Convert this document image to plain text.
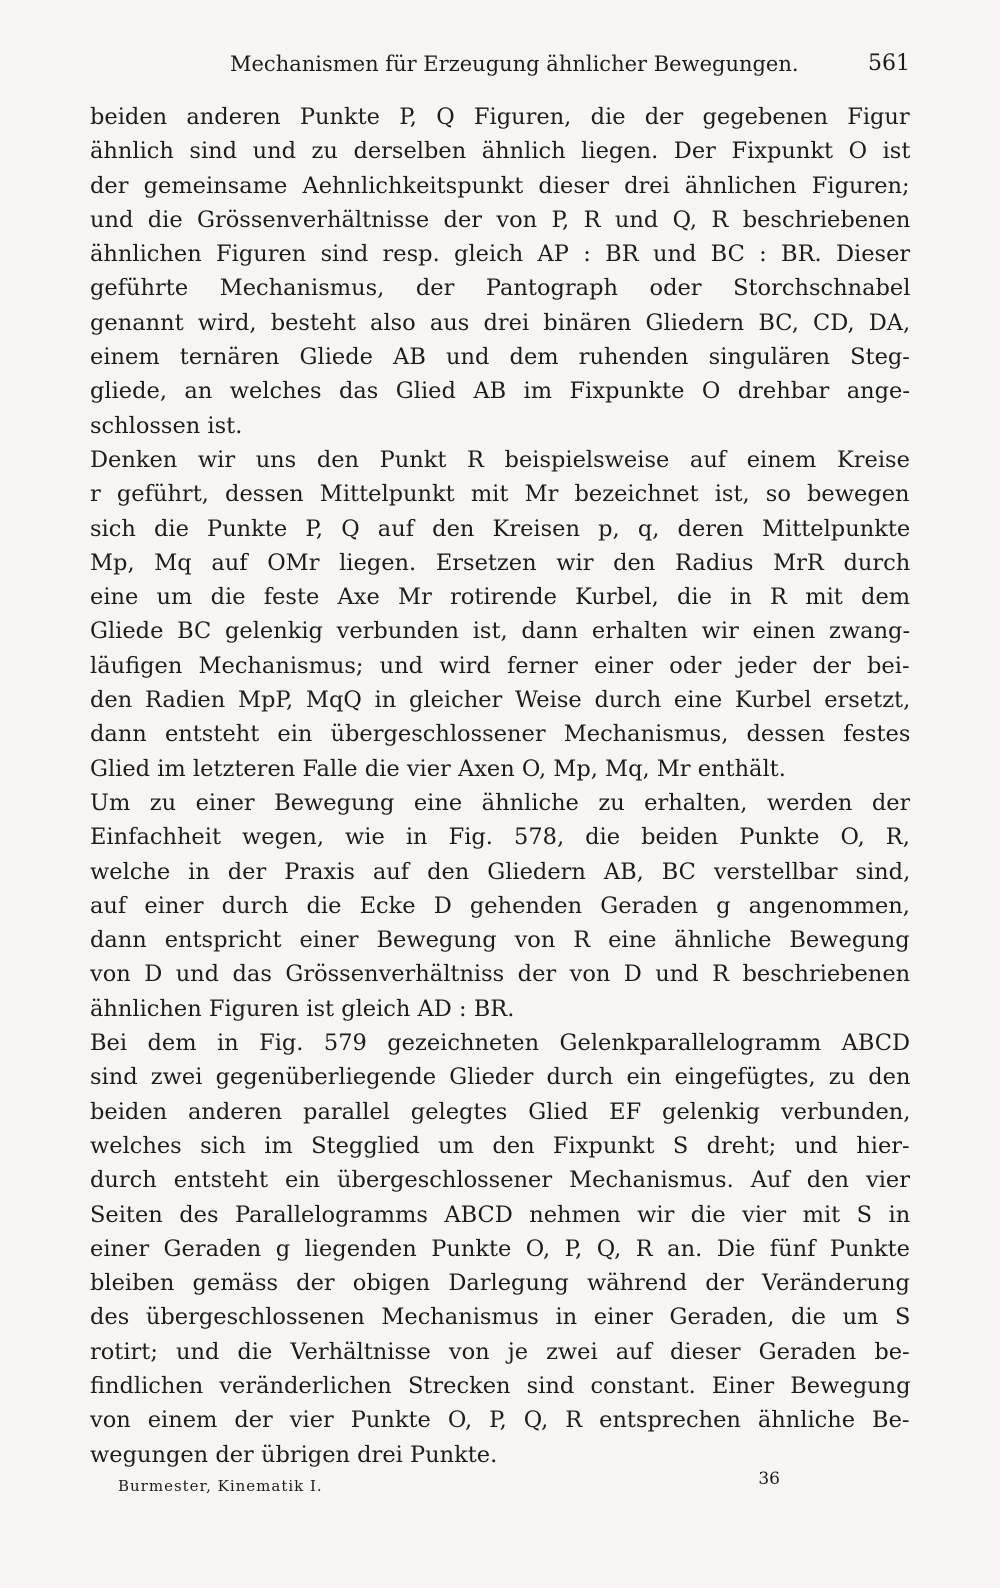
Mechanismen für Erzeugung ähnlicher Bewegungen.	561
beiden anderen Punkte P, Q Figuren, die der gegebenen Figur
ähnlich sind und zu derselben ähnlich liegen. Der Fixpunkt O ist
der gemeinsame Aehnlichkeitspunkt dieser drei ähnlichen Figuren;
und die Grössenverhältnisse der von P, R und Q, R beschriebenen
ähnlichen Figuren sind resp. gleich AP : BR und BC : BR. Dieser
geführte Mechanismus, der Pantograph oder Storchschnabel
genannt wird, besteht also aus drei binären Gliedern BC, CD, DA,
einem ternären Gliede AB und dem ruhenden singulären Steg-
gliede, an welches das Glied AB im Fixpunkte O drehbar ange-
schlossen ist.
Denken wir uns den Punkt R beispielsweise auf einem Kreise
r geführt, dessen Mittelpunkt mit Mr bezeichnet ist, so bewegen
sich die Punkte P, Q auf den Kreisen p, q, deren Mittelpunkte
Mp, Mq auf OMr liegen. Ersetzen wir den Radius MrR durch
eine um die feste Axe Mr rotirende Kurbel, die in R mit dem
Gliede BC gelenkig verbunden ist, dann erhalten wir einen zwang-
läufigen Mechanismus; und wird ferner einer oder jeder der bei-
den Radien MpP, MqQ in gleicher Weise durch eine Kurbel ersetzt,
dann entsteht ein übergeschlossener Mechanismus, dessen festes
Glied im letzteren Falle die vier Axen O, Mp, Mq, Mr enthält.
Um zu einer Bewegung eine ähnliche zu erhalten, werden der
Einfachheit wegen, wie in Fig. 578, die beiden Punkte O, R,
welche in der Praxis auf den Gliedern AB, BC verstellbar sind,
auf einer durch die Ecke D gehenden Geraden g angenommen,
dann entspricht einer Bewegung von R eine ähnliche Bewegung
von D und das Grössenverhältniss der von D und R beschriebenen
ähnlichen Figuren ist gleich AD : BR.
Bei dem in Fig. 579 gezeichneten Gelenkparallelogramm ABCD
sind zwei gegenüberliegende Glieder durch ein eingefügtes, zu den
beiden anderen parallel gelegtes Glied EF gelenkig verbunden,
welches sich im Stegglied um den Fixpunkt S dreht; und hier-
durch entsteht ein übergeschlossener Mechanismus. Auf den vier
Seiten des Parallelogramms ABCD nehmen wir die vier mit S in
einer Geraden g liegenden Punkte O, P, Q, R an. Die fünf Punkte
bleiben gemäss der obigen Darlegung während der Veränderung
des übergeschlossenen Mechanismus in einer Geraden, die um S
rotirt; und die Verhältnisse von je zwei auf dieser Geraden be-
findlichen veränderlichen Strecken sind constant. Einer Bewegung
von einem der vier Punkte O, P, Q, R entsprechen ähnliche Be-
wegungen der übrigen drei Punkte.
Burmester, Kinematik I.	36
